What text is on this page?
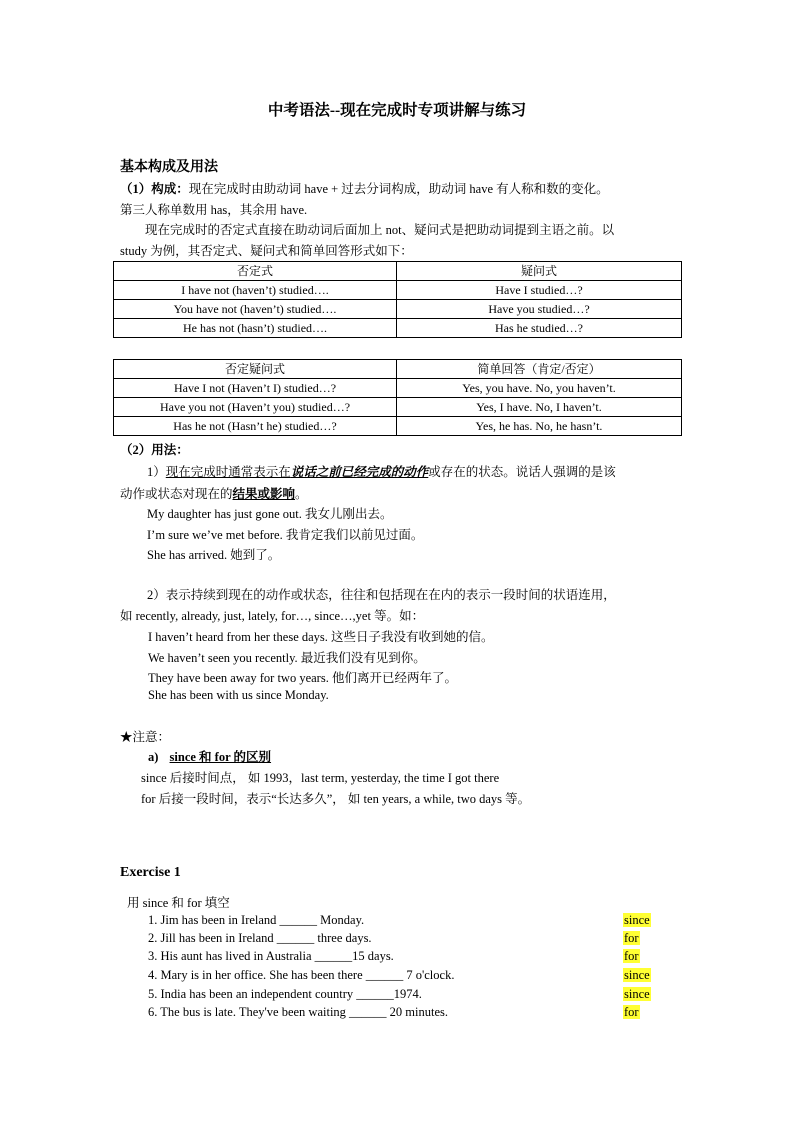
中考语法--现在完成时专项讲解与练习
基本构成及用法
（1）构成：现在完成时由助动词 have + 过去分词构成，助动词 have 有人称和数的变化。
第三人称单数用 has，其余用 have.
现在完成时的否定式直接在助动词后面加上 not、疑问式是把助动词提到主语之前。以
study 为例，其否定式、疑问式和简单回答形式如下：
否定式	疑问式
I have not (haven’t) studied….	Have I studied…?
You have not (haven’t) studied….	Have you studied…?
He has not (hasn’t) studied….	Has he studied…?
否定疑问式	简单回答（肯定/否定）
Have I not (Haven’t I) studied…?	Yes, you have. No, you haven’t.
Have you not (Haven’t you) studied…?	Yes, I have. No, I haven’t.
Has he not (Hasn’t he) studied…?	Yes, he has. No, he hasn’t.
（2）用法：
1）现在完成时通常表示在说话之前已经完成的动作或存在的状态。说话人强调的是该
动作或状态对现在的结果或影响。
My daughter has just gone out. 我女儿刚出去。
I’m sure we’ve met before. 我肯定我们以前见过面。
She has arrived. 她到了。
2）表示持续到现在的动作或状态，往往和包括现在在内的表示一段时间的状语连用，
如 recently, already, just, lately, for…, since…,yet 等。如：
I haven’t heard from her these days. 这些日子我没有收到她的信。
We haven’t seen you recently. 最近我们没有见到你。
They have been away for two years. 他们离开已经两年了。
She has been with us since Monday.
★注意：
a) since 和 for 的区别
since 后接时间点， 如 1993，last term, yesterday, the time I got there
for 后接一段时间，表示“长达多久”， 如 ten years, a while, two days 等。
Exercise 1
用 since 和 for 填空
1. Jim has been in Ireland ______ Monday.	since
2. Jill has been in Ireland ______ three days.	for
3. His aunt has lived in Australia ______15 days.	for
4. Mary is in her office. She has been there ______ 7 o'clock.	since
5. India has been an independent country ______1974.	since
6. The bus is late. They've been waiting ______ 20 minutes.	for
